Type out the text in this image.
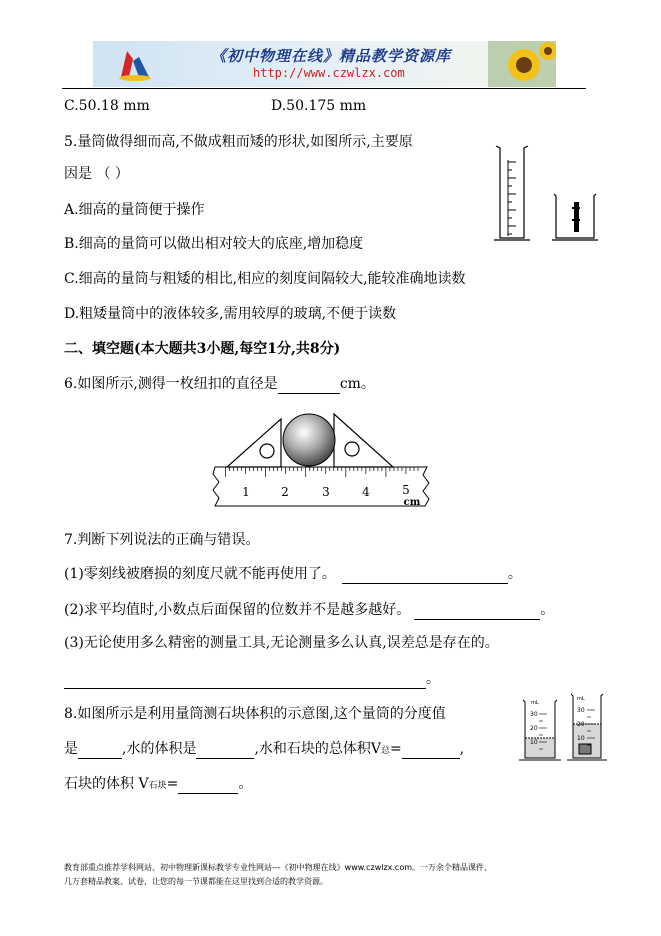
《初中物理在线》精品教学资源库
http://www.czwlzx.com
C.50.18 mm	D.50.175 mm
5.量筒做得细而高,不做成粗而矮的形状,如图所示,主要原
因是 （ ）
A.细高的量筒便于操作
B.细高的量筒可以做出相对较大的底座,增加稳度
C.细高的量筒与粗矮的相比,相应的刻度间隔较大,能较准确地读数
D.粗矮量筒中的液体较多,需用较厚的玻璃,不便于读数
二、填空题(本大题共3小题,每空1分,共8分)
6.如图所示,测得一枚纽扣的直径是	cm。
1	2	3	4	5
cm
7.判断下列说法的正确与错误。
(1)零刻线被磨损的刻度尺就不能再使用了。	。
(2)求平均值时,小数点后面保留的位数并不是越多越好。	。
(3)无论使用多么精密的测量工具,无论测量多么认真,误差总是存在的。
。
8.如图所示是利用量筒测石块体积的示意图,这个量筒的分度值
是	,水的体积是	,水和石块的总体积V总=	,
石块的体积 V石块=	。
mL
30
20
10
mL
30
20
10
教育部重点推荐学科网站、初中物理新课标教学专业性网站---《初中物理在线》www.czwlzx.com。一万余个精品课件、
几万套精品教案、试卷，让您的每一节课都能在这里找到合适的教学资源。
